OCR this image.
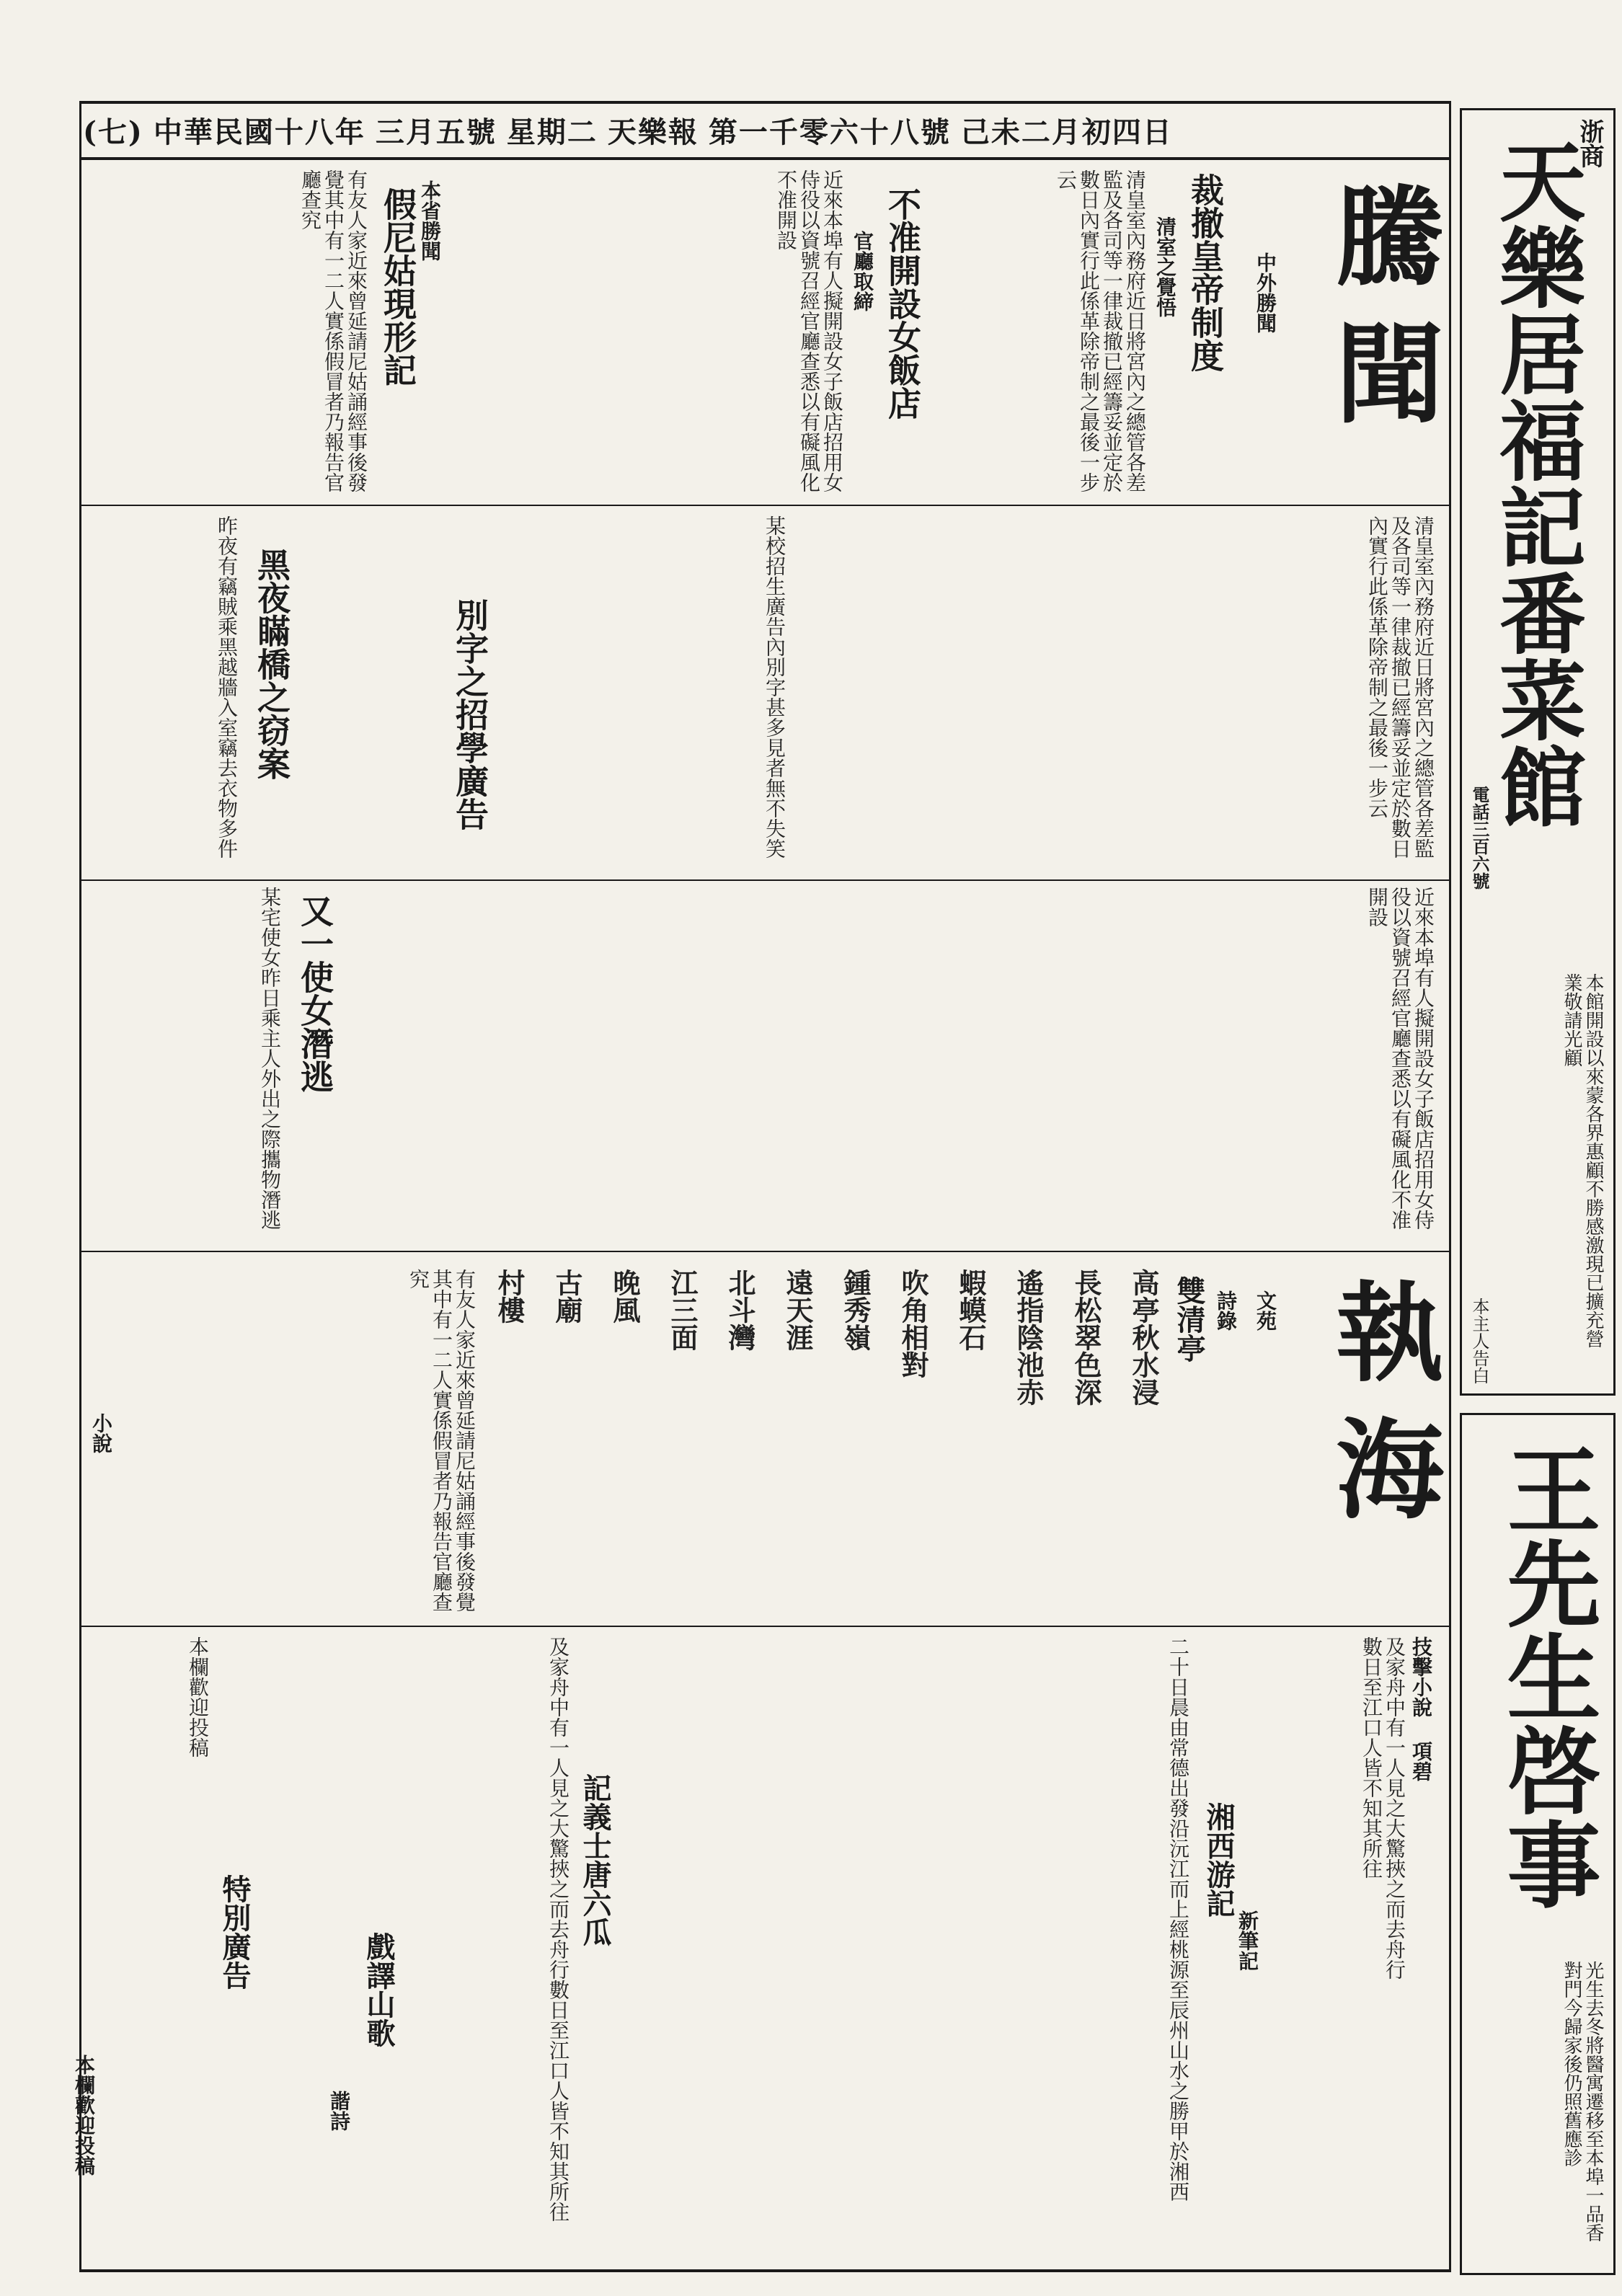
(七) 中華民國十八年 三月五號 星期二 天樂報 第一千零六十八號 己未二月初四日
騰聞
中外勝聞
裁撤皇帝制度
清室之覺悟
清皇室內務府近日將宮內之總管各差監及各司等一律裁撤已經籌妥並定於數日內實行此係革除帝制之最後一步云
不准開設女飯店
官廳取締
近來本埠有人擬開設女子飯店招用女侍役以資號召經官廳查悉以有礙風化不准開設
本省勝聞
假尼姑現形記
有友人家近來曾延請尼姑誦經事後發覺其中有一二人實係假冒者乃報告官廳查究
清皇室內務府近日將宮內之總管各差監及各司等一律裁撤已經籌妥並定於數日內實行此係革除帝制之最後一步云
別字之招學廣告	某校招生廣告內別字甚多見者無不失笑
黑夜瞞橋之窃案
昨夜有竊賊乘黑越牆入室竊去衣物多件
近來本埠有人擬開設女子飯店招用女侍役以資號召經官廳查悉以有礙風化不准開設
又一使女潛逃
某宅使女昨日乘主人外出之際攜物潛逃
執海
文苑
詩錄
雙清亭
高亭秋水浸
長松翠色深
遙指陰池赤
蝦蟆石
吹角相對
鍾秀嶺
遠天涯
北斗灣
江三面
晚風
古廟
村樓
有友人家近來曾延請尼姑誦經事後發覺其中有一二人實係假冒者乃報告官廳查究
小說
技擊小說 項碧
及家舟中有一人見之大驚挾之而去舟行數日至江口人皆不知其所往
新筆記
湘西游記
二十日晨由常德出發沿沅江而上經桃源至辰州山水之勝甲於湘西
記義士唐六瓜
及家舟中有一人見之大驚挾之而去舟行數日至江口人皆不知其所往
戲譯山歌
諧詩
特別廣告
本欄歡迎投稿
本欄歡迎投稿
浙商
天樂居福記番菜館
本館開設以來蒙各界惠顧不勝感激現已擴充營業敬請光顧
電話三百六號
本主人告白
王先生啓事
光生去冬將醫寓遷移至本埠一品香對門今歸家後仍照舊應診
